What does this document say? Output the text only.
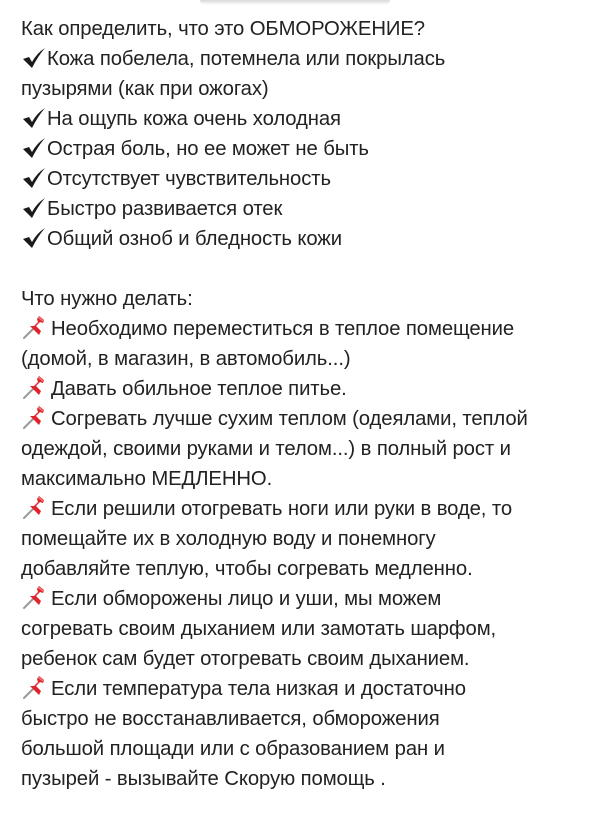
Как определить, что это ОБМОРОЖЕНИЕ?
Кожа побелела, потемнела или покрылась
пузырями (как при ожогах)
На ощупь кожа очень холодная
Острая боль, но ее может не быть
Отсутствует чувствительность
Быстро развивается отек
Общий озноб и бледность кожи
Что нужно делать:
Необходимо переместиться в теплое помещение
(домой, в магазин, в автомобиль...)
Давать обильное теплое питье.
Согревать лучше сухим теплом (одеялами, теплой
одеждой, своими руками и телом...) в полный рост и
максимально МЕДЛЕННО.
Если решили отогревать ноги или руки в воде, то
помещайте их в холодную воду и понемногу
добавляйте теплую, чтобы согревать медленно.
Если обморожены лицо и уши, мы можем
согревать своим дыханием или замотать шарфом,
ребенок сам будет отогревать своим дыханием.
Если температура тела низкая и достаточно
быстро не восстанавливается, обморожения
большой площади или с образованием ран и
пузырей - вызывайте Скорую помощь .
